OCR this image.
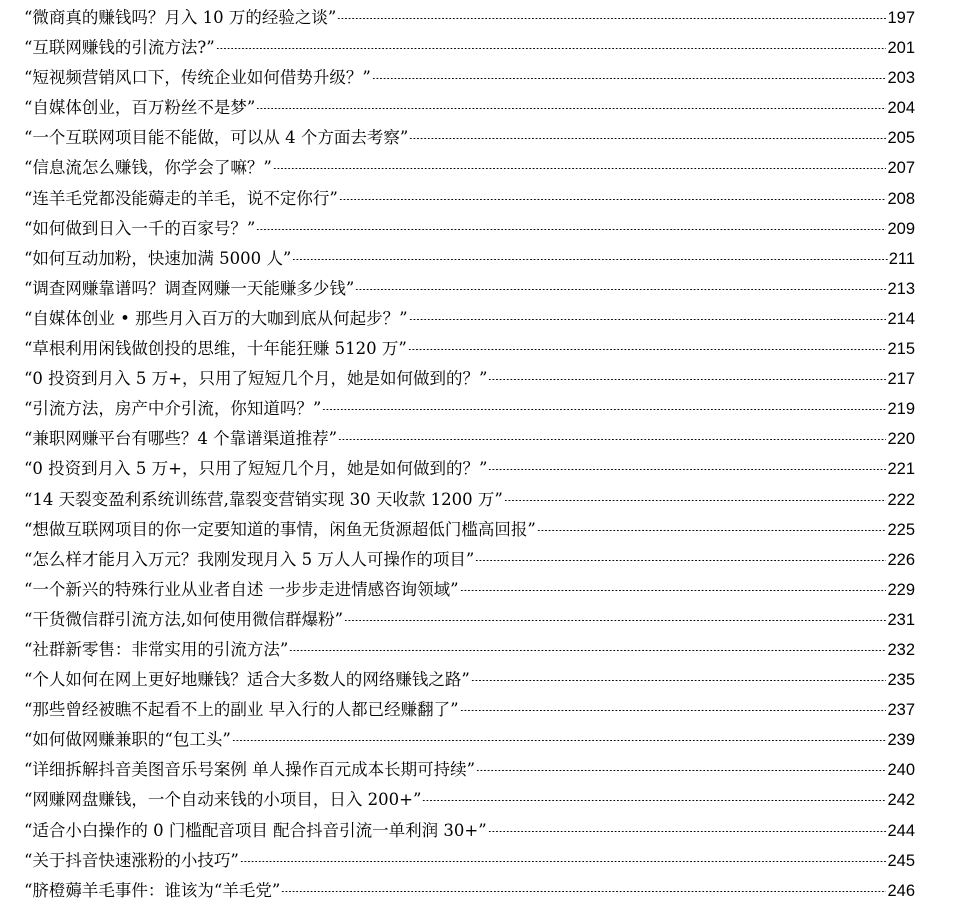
“微商真的赚钱吗？月入 10 万的经验之谈”	197
“互联网赚钱的引流方法?”	201
“短视频营销风口下，传统企业如何借势升级？”	203
“自媒体创业，百万粉丝不是梦”	204
“一个互联网项目能不能做，可以从 4 个方面去考察”	205
“信息流怎么赚钱，你学会了嘛？”	207
“连羊毛党都没能薅走的羊毛，说不定你行”	208
“如何做到日入一千的百家号？”	209
“如何互动加粉，快速加满 5000 人”	211
“调查网赚靠谱吗？调查网赚一天能赚多少钱”	213
“自媒体创业 • 那些月入百万的大咖到底从何起步？”	214
“草根利用闲钱做创投的思维，十年能狂赚 5120 万”	215
“0 投资到月入 5 万+，只用了短短几个月，她是如何做到的？”	217
“引流方法，房产中介引流，你知道吗？”	219
“兼职网赚平台有哪些？4 个靠谱渠道推荐”	220
“0 投资到月入 5 万+，只用了短短几个月，她是如何做到的？”	221
“14 天裂变盈利系统训练营,靠裂变营销实现 30 天收款 1200 万”	222
“想做互联网项目的你一定要知道的事情，闲鱼无货源超低门槛高回报”	225
“怎么样才能月入万元？我刚发现月入 5 万人人可操作的项目”	226
“一个新兴的特殊行业从业者自述 一步步走进情感咨询领域”	229
“干货微信群引流方法,如何使用微信群爆粉”	231
“社群新零售：非常实用的引流方法”	232
“个人如何在网上更好地赚钱？适合大多数人的网络赚钱之路”	235
“那些曾经被瞧不起看不上的副业 早入行的人都已经赚翻了”	237
“如何做网赚兼职的“包工头”	239
“详细拆解抖音美图音乐号案例 单人操作百元成本长期可持续”	240
“网赚网盘赚钱，一个自动来钱的小项目，日入 200+”	242
“适合小白操作的 0 门槛配音项目 配合抖音引流一单利润 30+”	244
“关于抖音快速涨粉的小技巧”	245
“脐橙薅羊毛事件：谁该为“羊毛党”	246
